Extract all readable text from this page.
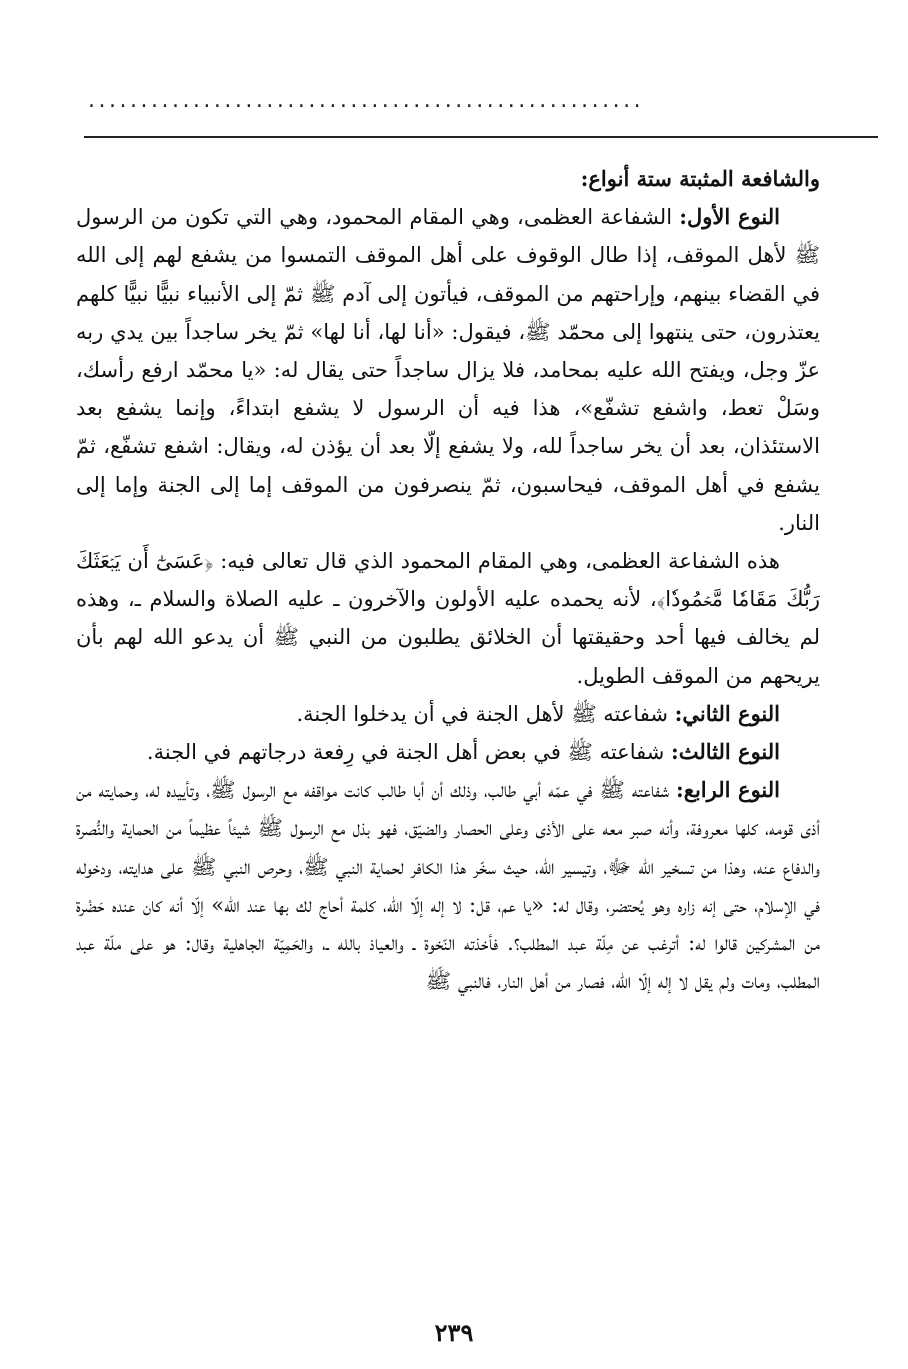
.....................................................

والشافعة المثبتة ستة أنواع:

النوع الأول: الشفاعة العظمى، وهي المقام المحمود، وهي التي تكون من الرسول ﷺ لأهل الموقف، إذا طال الوقوف على أهل الموقف التمسوا من يشفع لهم إلى الله في القضاء بينهم، وإراحتهم من الموقف، فيأتون إلى آدم ﷺ ثمّ إلى الأنبياء نبيًّا نبيًّا كلهم يعتذرون، حتى ينتهوا إلى محمّد ﷺ، فيقول: «أنا لها، أنا لها» ثمّ يخر ساجداً بين يدي ربه عزّ وجل، ويفتح الله عليه بمحامد، فلا يزال ساجداً حتى يقال له: «يا محمّد ارفع رأسك، وسَلْ تعط، واشفع تشفّع»، هذا فيه أن الرسول لا يشفع ابتداءً، وإنما يشفع بعد الاستئذان، بعد أن يخر ساجداً لله، ولا يشفع إلّا بعد أن يؤذن له، ويقال: اشفع تشفّع، ثمّ يشفع في أهل الموقف، فيحاسبون، ثمّ ينصرفون من الموقف إما إلى الجنة وإما إلى النار.

هذه الشفاعة العظمى، وهي المقام المحمود الذي قال تعالى فيه: ﴿عَسَىٰٓ أَن يَبۡعَثَكَ رَبُّكَ مَقَامٗا مَّحۡمُودٗا﴾، لأنه يحمده عليه الأولون والآخرون ـ عليه الصلاة والسلام ـ، وهذه لم يخالف فيها أحد وحقيقتها أن الخلائق يطلبون من النبي ﷺ أن يدعو الله لهم بأن يريحهم من الموقف الطويل.

النوع الثاني: شفاعته ﷺ لأهل الجنة في أن يدخلوا الجنة.

النوع الثالث: شفاعته ﷺ في بعض أهل الجنة في رِفعة درجاتهم في الجنة.

النوع الرابع: شفاعته ﷺ في عمّه أبي طالب، وذلك أن أبا طالب كانت مواقفه مع الرسول ﷺ، وتأييده له، وحمايته من أذى قومه، كلها معروفة، وأنه صبر معه على الأذى وعلى الحصار والضيّق، فهو بذل مع الرسول ﷺ شيئاً عظيماً من الحماية والنُّصرة والدفاع عنه، وهذا من تسخير الله ﷻ، وتيسير الله، حيث سخّر هذا الكافر لحماية النبي ﷺ، وحرص النبي ﷺ على هدايته، ودخوله في الإسلام، حتى إنه زاره وهو يُحتضر، وقال له: «يا عم، قل: لا إله إلّا الله، كلمة أحاج لك بها عند الله» إلّا أنه كان عنده حَضْرة من المشركين قالوا له: أترغب عن مِلّة عبد المطلب؟. فأخذته النّخوة ـ والعياذ بالله ـ، والحَمِيّة الجاهلية وقال: هو على ملّة عبد المطلب، ومات ولم يقل لا إله إلّا الله، فصار من أهل النار، فالنبي ﷺ

٢٣٩
